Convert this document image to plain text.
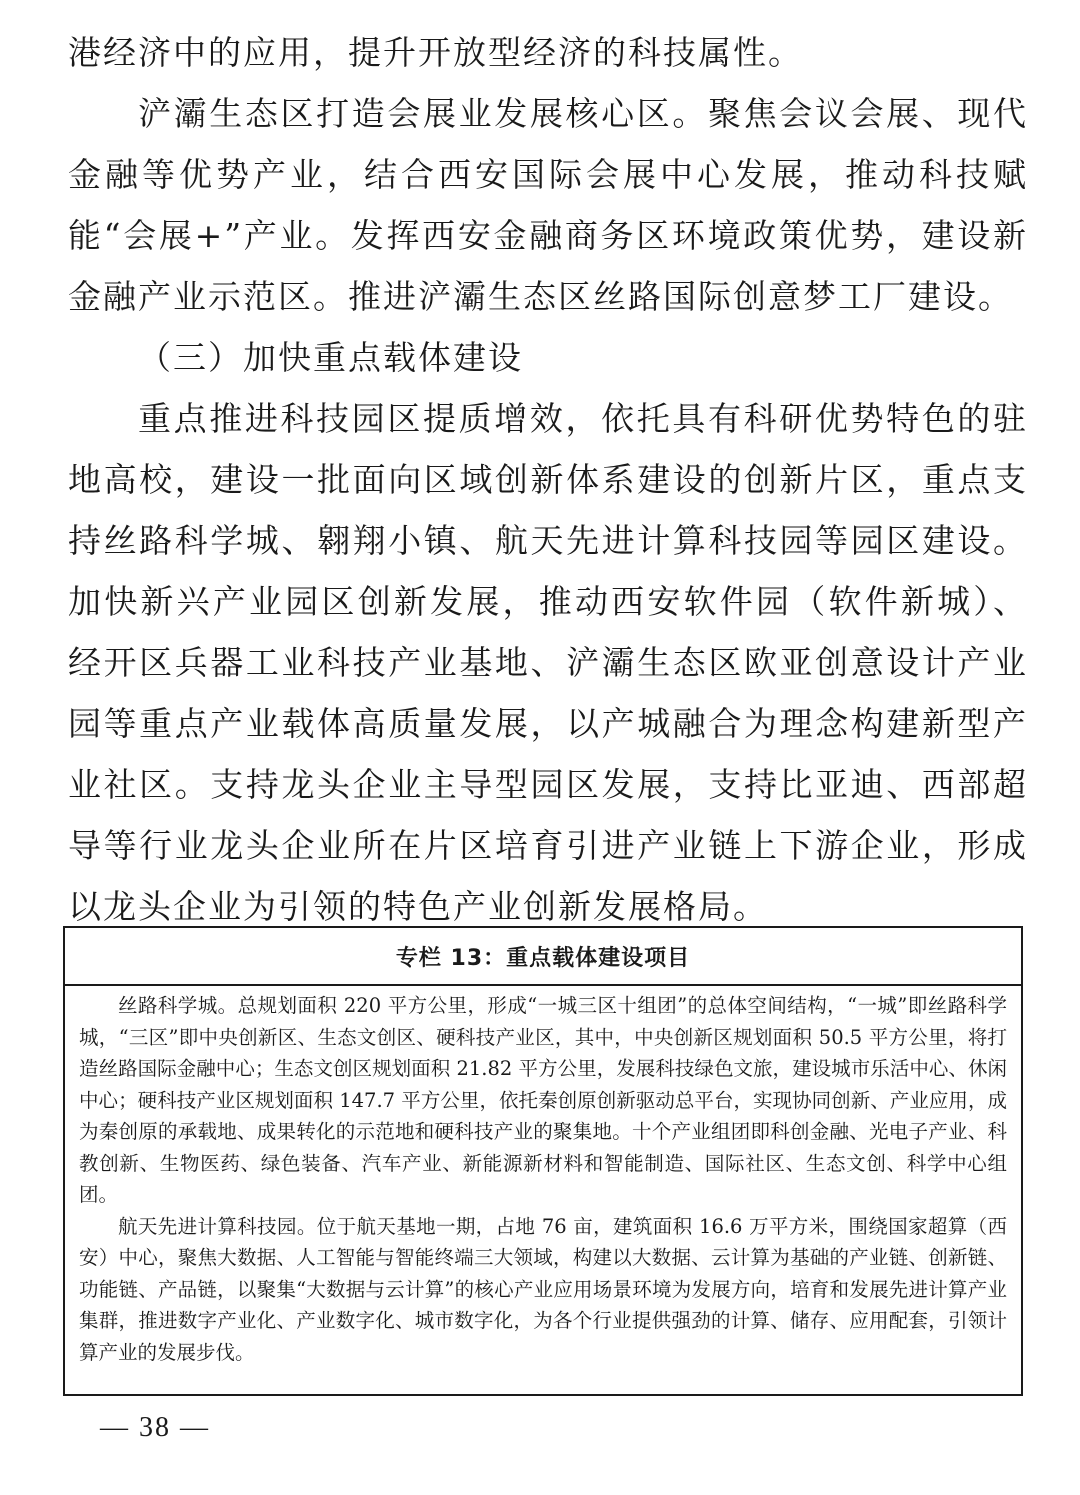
港经济中的应用，提升开放型经济的科技属性。

浐灞生态区打造会展业发展核心区。聚焦会议会展、现代金融等优势产业，结合西安国际会展中心发展，推动科技赋能“会展+”产业。发挥西安金融商务区环境政策优势，建设新金融产业示范区。推进浐灞生态区丝路国际创意梦工厂建设。

（三）加快重点载体建设

重点推进科技园区提质增效，依托具有科研优势特色的驻地高校，建设一批面向区域创新体系建设的创新片区，重点支持丝路科学城、翱翔小镇、航天先进计算科技园等园区建设。加快新兴产业园区创新发展，推动西安软件园（软件新城）、经开区兵器工业科技产业基地、浐灞生态区欧亚创意设计产业园等重点产业载体高质量发展，以产城融合为理念构建新型产业社区。支持龙头企业主导型园区发展，支持比亚迪、西部超导等行业龙头企业所在片区培育引进产业链上下游企业，形成以龙头企业为引领的特色产业创新发展格局。

专栏 13：重点载体建设项目

丝路科学城。总规划面积 220 平方公里，形成“一城三区十组团”的总体空间结构，“一城”即丝路科学城，“三区”即中央创新区、生态文创区、硬科技产业区，其中，中央创新区规划面积 50.5 平方公里，将打造丝路国际金融中心；生态文创区规划面积 21.82 平方公里，发展科技绿色文旅，建设城市乐活中心、休闲中心；硬科技产业区规划面积 147.7 平方公里，依托秦创原创新驱动总平台，实现协同创新、产业应用，成为秦创原的承载地、成果转化的示范地和硬科技产业的聚集地。十个产业组团即科创金融、光电子产业、科教创新、生物医药、绿色装备、汽车产业、新能源新材料和智能制造、国际社区、生态文创、科学中心组团。

航天先进计算科技园。位于航天基地一期，占地 76 亩，建筑面积 16.6 万平方米，围绕国家超算（西安）中心，聚焦大数据、人工智能与智能终端三大领域，构建以大数据、云计算为基础的产业链、创新链、功能链、产品链，以聚集“大数据与云计算”的核心产业应用场景环境为发展方向，培育和发展先进计算产业集群，推进数字产业化、产业数字化、城市数字化，为各个行业提供强劲的计算、储存、应用配套，引领计算产业的发展步伐。

— 38 —
